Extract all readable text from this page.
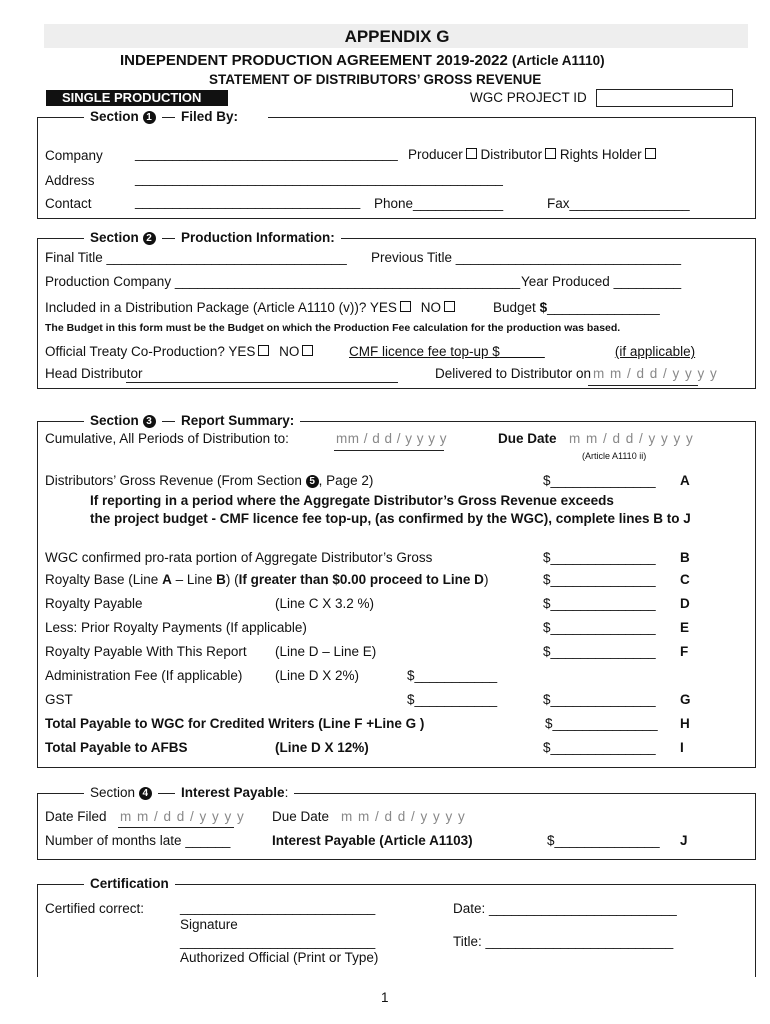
APPENDIX G
INDEPENDENT PRODUCTION AGREEMENT 2019-2022 (Article A1110)
STATEMENT OF DISTRIBUTORS’ GROSS REVENUE
SINGLE PRODUCTION	WGC PROJECT ID
Section 1	Filed By:
Company ___________________________________ Producer Distributor Rights Holder
Address	_________________________________________________
Contact	______________________________ Phone____________	Fax________________
Section 2	Production Information:
Final Title ________________________________ Previous Title ______________________________
Production Company ______________________________________________ Year Produced _________
Included in a Distribution Package (Article A1110 (v))? YES NO	Budget $_______________
The Budget in this form must be the Budget on which the Production Fee calculation for the production was based.
Official Treaty Co-Production? YES NO	CMF licence fee top-up $	(if applicable)
Head Distributor	Delivered to Distributor on m m / d d / y y y y
Section 3	Report Summary:
Cumulative, All Periods of Distribution to:	mm / d d / y y y y	Due Date m m / d d / y y y y
(Article A1110 ii)
Distributors’ Gross Revenue (From Section 5 , Page 2)	$______________ A
If reporting in a period where the Aggregate Distributor’s Gross Revenue exceeds
the project budget - CMF licence fee top-up, (as confirmed by the WGC), complete lines B to J
WGC confirmed pro-rata portion of Aggregate Distributor’s Gross	$______________ B
Royalty Base (Line A – Line B) (If greater than $0.00 proceed to Line D)	$______________ C
Royalty Payable	(Line C X 3.2 %)	$______________ D
Less: Prior Royalty Payments (If applicable)	$______________ E
Royalty Payable With This Report (Line D – Line E)	$______________ F
Administration Fee (If applicable) (Line D X 2%)	$___________
GST	$___________	$______________ G
Total Payable to WGC for Credited Writers (Line F +Line G )	$______________ H
Total Payable to AFBS	(Line D X 12%)	$______________ I
Section 4	Interest Payable:
Date Filed m m / d d / y y y y Due Date m m / d d / y y y y
Number of months late ______	Interest Payable (Article A1103)	$______________ J
Certification
Certified correct:	__________________________
Signature
__________________________
Authorized Official (Print or Type)
Date: _________________________
Title: _________________________
1
